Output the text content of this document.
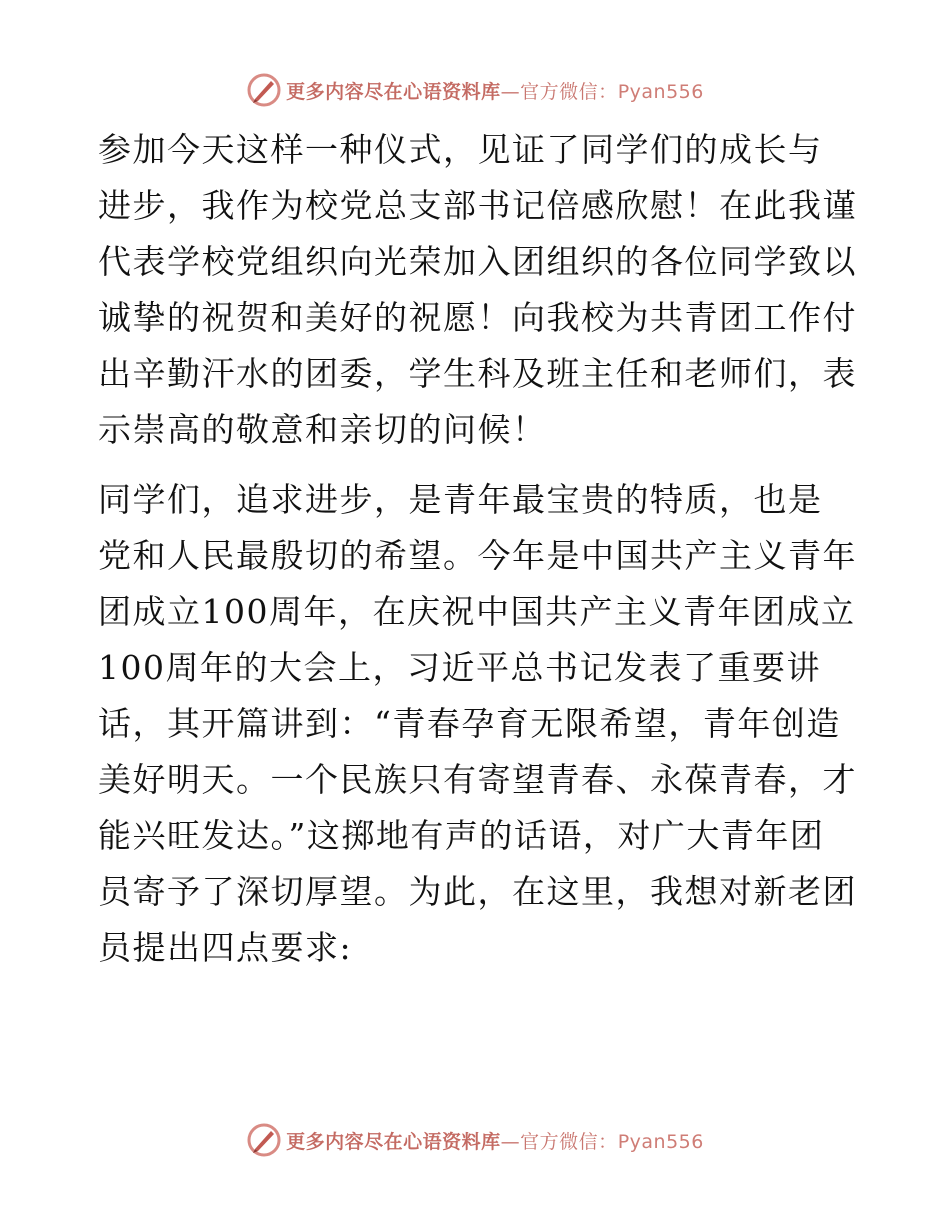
更多内容尽在心语资料库—官方微信：Pyan556
参加今天这样一种仪式，见证了同学们的成长与
进步，我作为校党总支部书记倍感欣慰！在此我谨
代表学校党组织向光荣加入团组织的各位同学致以
诚挚的祝贺和美好的祝愿！向我校为共青团工作付
出辛勤汗水的团委，学生科及班主任和老师们，表
示崇高的敬意和亲切的问候！
同学们，追求进步，是青年最宝贵的特质，也是
党和人民最殷切的希望。今年是中国共产主义青年
团成立100周年，在庆祝中国共产主义青年团成立
100周年的大会上，习近平总书记发表了重要讲
话，其开篇讲到：“青春孕育无限希望，青年创造
美好明天。一个民族只有寄望青春、永葆青春，才
能兴旺发达。”这掷地有声的话语，对广大青年团
员寄予了深切厚望。为此，在这里，我想对新老团
员提出四点要求:
更多内容尽在心语资料库—官方微信：Pyan556
